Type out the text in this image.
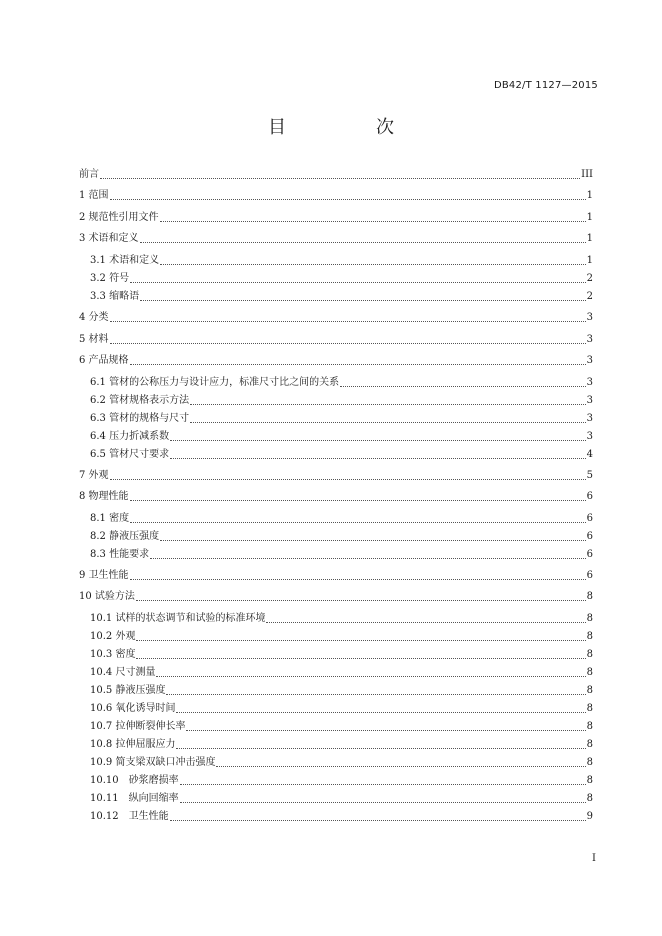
DB42/T 1127—2015
目　次
前言	III
1 范围	1
2 规范性引用文件	1
3 术语和定义	1
3.1 术语和定义	1
3.2 符号	2
3.3 缩略语	2
4 分类	3
5 材料	3
6 产品规格	3
6.1 管材的公称压力与设计应力，标准尺寸比之间的关系	3
6.2 管材规格表示方法	3
6.3 管材的规格与尺寸	3
6.4 压力折减系数	3
6.5 管材尺寸要求	4
7 外观	5
8 物理性能	6
8.1 密度	6
8.2 静液压强度	6
8.3 性能要求	6
9 卫生性能	6
10 试验方法	8
10.1 试样的状态调节和试验的标准环境	8
10.2 外观	8
10.3 密度	8
10.4 尺寸测量	8
10.5 静液压强度	8
10.6 氧化诱导时间	8
10.7 拉伸断裂伸长率	8
10.8 拉伸屈服应力	8
10.9 简支梁双缺口冲击强度	8
10.10　砂浆磨损率	8
10.11　纵向回缩率	8
10.12　卫生性能	9
I
